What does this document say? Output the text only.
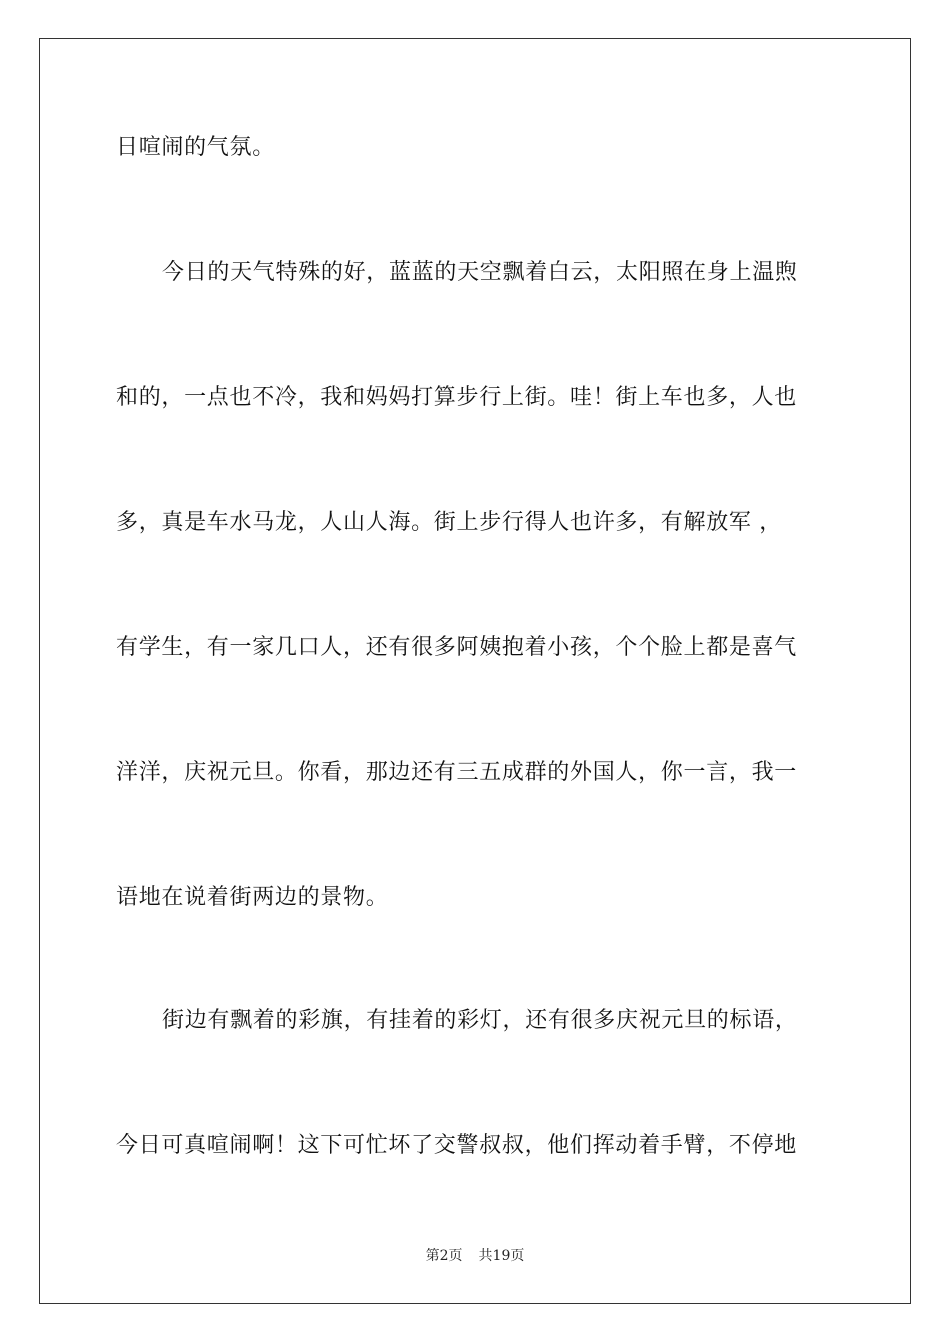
日喧闹的气氛。
今日的天气特殊的好，蓝蓝的天空飘着白云，太阳照在身上温煦
和的，一点也不冷，我和妈妈打算步行上街。哇！街上车也多，人也
多，真是车水马龙，人山人海。街上步行得人也许多，有解放军 ，
有学生，有一家几口人，还有很多阿姨抱着小孩，个个脸上都是喜气
洋洋，庆祝元旦。你看，那边还有三五成群的外国人，你一言，我一
语地在说着街两边的景物。
街边有飘着的彩旗，有挂着的彩灯，还有很多庆祝元旦的标语，
今日可真喧闹啊！这下可忙坏了交警叔叔，他们挥动着手臂，不停地
第2页 共19页
